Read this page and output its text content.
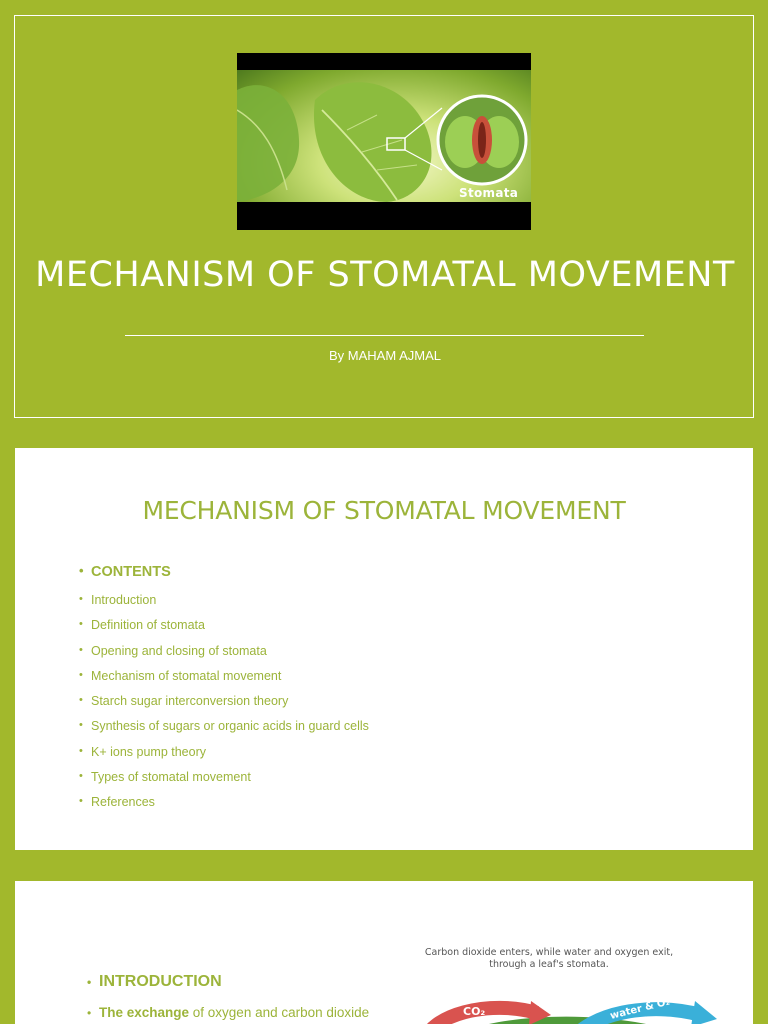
Stomata
MECHANISM OF STOMATAL MOVEMENT
By MAHAM AJMAL
MECHANISM OF STOMATAL MOVEMENT
• CONTENTS
• Introduction
• Definition of stomata
• Opening and closing of stomata
• Mechanism of stomatal movement
• Starch sugar interconversion theory
• Synthesis of sugars or organic acids in guard cells
• K+ ions pump theory
• Types of stomatal movement
• References
• INTRODUCTION
• The exchange of oxygen and carbon dioxide
Carbon dioxide enters, while water and oxygen exit, through a leaf's stomata.
CO₂	water & O₂
